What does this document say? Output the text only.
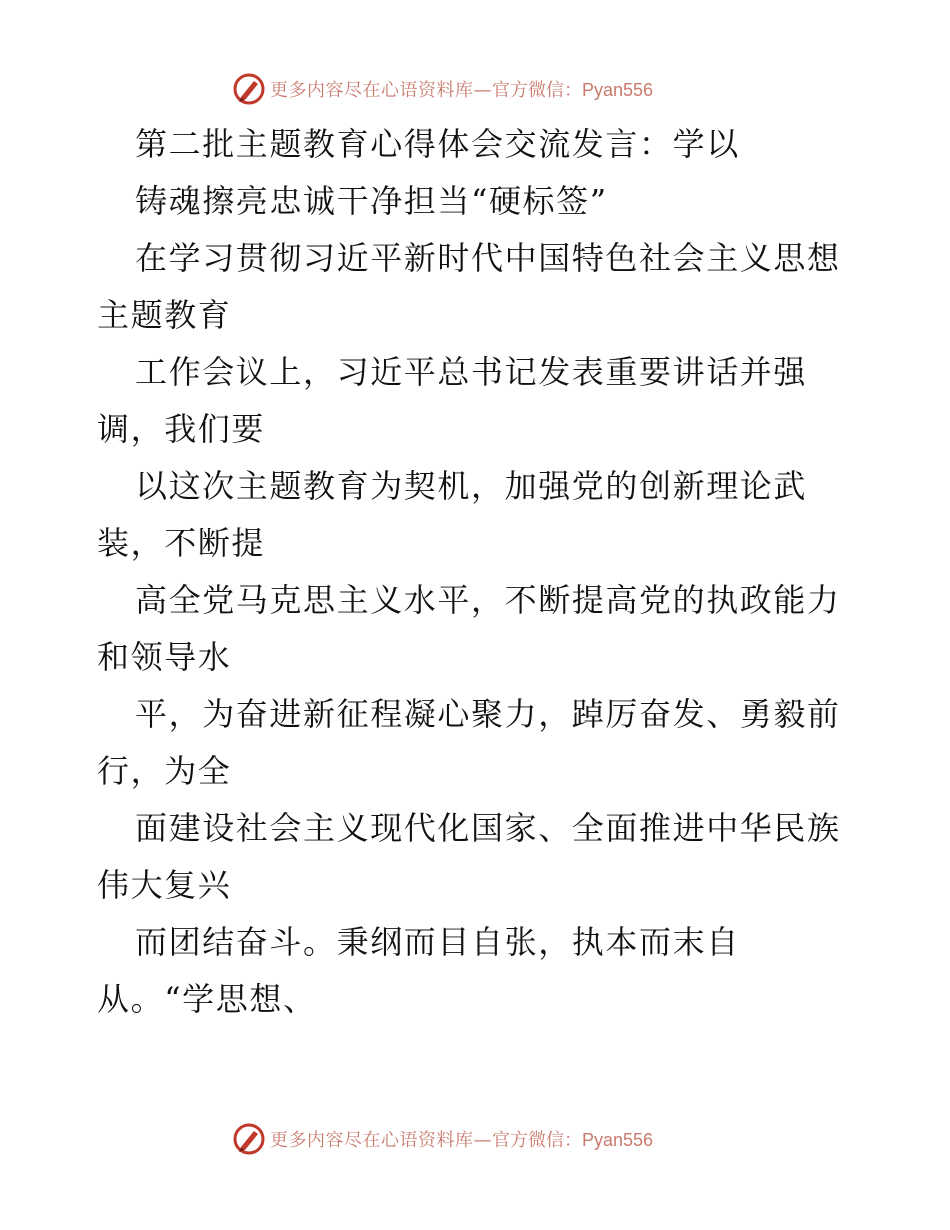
更多内容尽在心语资料库— 官方微信：Pyan556
第二批主题教育心得体会交流发言：学以
铸魂擦亮忠诚干净担当“硬标签”
在学习贯彻习近平新时代中国特色社会主义思想
主题教育
工作会议上，习近平总书记发表重要讲话并强
调，我们要
以这次主题教育为契机，加强党的创新理论武
装，不断提
高全党马克思主义水平，不断提高党的执政能力
和领导水
平，为奋进新征程凝心聚力，踔厉奋发、勇毅前
行，为全
面建设社会主义现代化国家、全面推进中华民族
伟大复兴
而团结奋斗。秉纲而目自张，执本而末自
从。“学思想、
更多内容尽在心语资料库— 官方微信：Pyan556
